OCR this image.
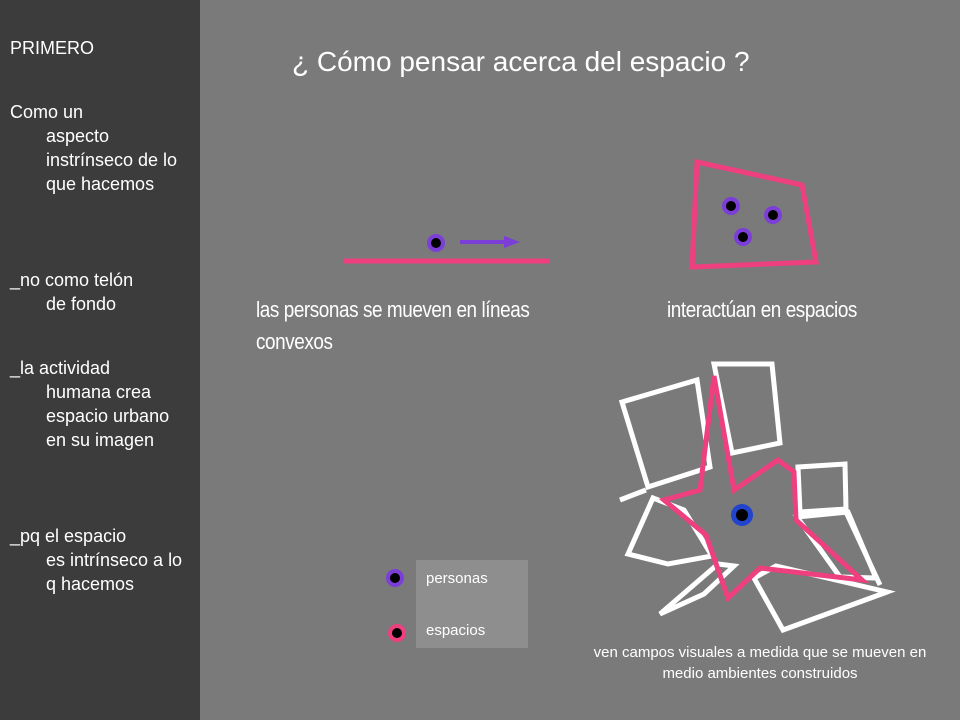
PRIMERO
Como un
aspecto instrínseco de lo que hacemos
_no como telón
de fondo
_la actividad
humana crea espacio urbano en su imagen
_pq el espacio
es intrínseco a lo q hacemos
¿ Cómo pensar acerca del espacio ?
las personas se mueven en líneas
convexos
interactúan en espacios
personas
espacios
ven campos visuales a medida que se mueven en medio ambientes construidos
